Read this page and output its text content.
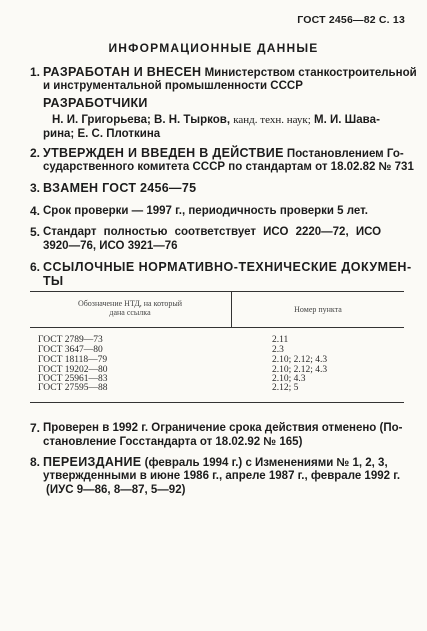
ГОСТ 2456—82 С. 13
ИНФОРМАЦИОННЫЕ ДАННЫЕ
1. РАЗРАБОТАН И ВНЕСЕН Министерством станкостроительной
и инструментальной промышленности СССР
РАЗРАБОТЧИКИ
Н. И. Григорьева; В. Н. Тырков, канд. техн. наук; М. И. Шавa-
рина; Е. С. Плоткина
2. УТВЕРЖДЕН И ВВЕДЕН В ДЕЙСТВИЕ Постановлением Го-
сударственного комитета СССР по стандартам от 18.02.82 № 731
3. ВЗАМЕН ГОСТ 2456—75
4. Срок проверки — 1997 г., периодичность проверки 5 лет.
5. Стандарт полностью соответствует ИСО 2220—72, ИСО
3920—76, ИСО 3921—76
6. ССЫЛОЧНЫЕ НОРМАТИВНО-ТЕХНИЧЕСКИЕ ДОКУМЕН-
ТЫ
Обозначение НТД, на который
дана ссылка	Номер пункта
ГОСТ 2789—73	2.11
ГОСТ 3647—80	2.3
ГОСТ 18118—79	2.10; 2.12; 4.3
ГОСТ 19202—80	2.10; 2.12; 4.3
ГОСТ 25961—83	2.10; 4.3
ГОСТ 27595—88	2.12; 5
7. Проверен в 1992 г. Ограничение срока действия отменено (По-
становление Госстандарта от 18.02.92 № 165)
8. ПЕРЕИЗДАНИЕ (февраль 1994 г.) с Изменениями № 1, 2, 3,
утвержденными в июне 1986 г., апреле 1987 г., феврале 1992 г.
(ИУС 9—86, 8—87, 5—92)
